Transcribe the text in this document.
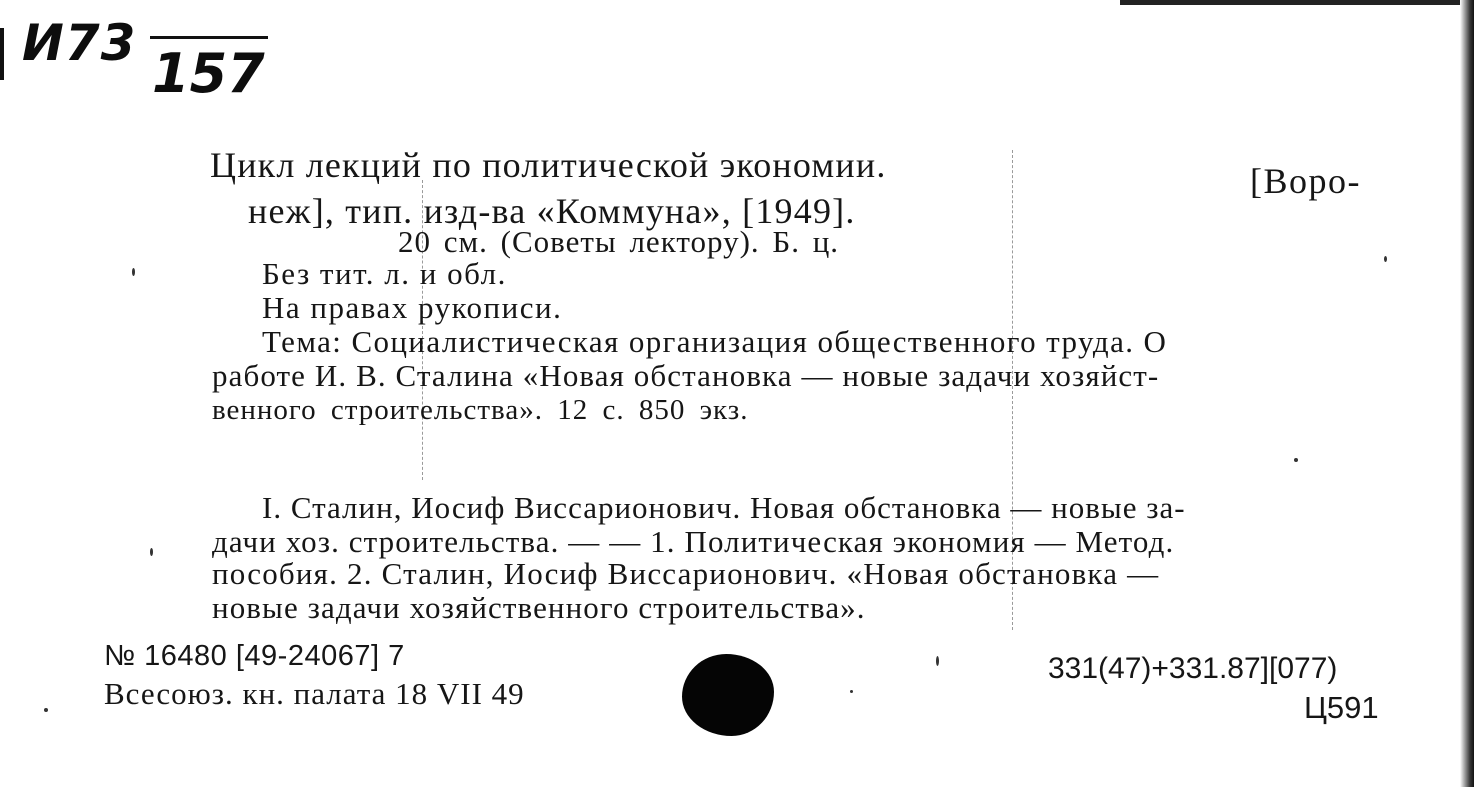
И73 157
Цикл лекций по политической экономии.	[Воро-
неж], тип. изд-ва «Коммуна», [1949].
20 см. (Советы лектору). Б. ц.
Без тит. л. и обл.
На правах рукописи.
Тема: Социалистическая организация общественного труда. О
работе И. В. Сталина «Новая обстановка — новые задачи хозяйст-
венного строительства». 12 с. 850 экз.
I. Сталин, Иосиф Виссарионович. Новая обстановка — новые за-
дачи хоз. строительства. — — 1. Политическая экономия — Метод.
пособия. 2. Сталин, Иосиф Виссарионович. «Новая обстановка —
новые задачи хозяйственного строительства».
№ 16480 [49-24067] 7
Всесоюз. кн. палата 18 VII 49
331(47)+331.87][077)
Ц591
